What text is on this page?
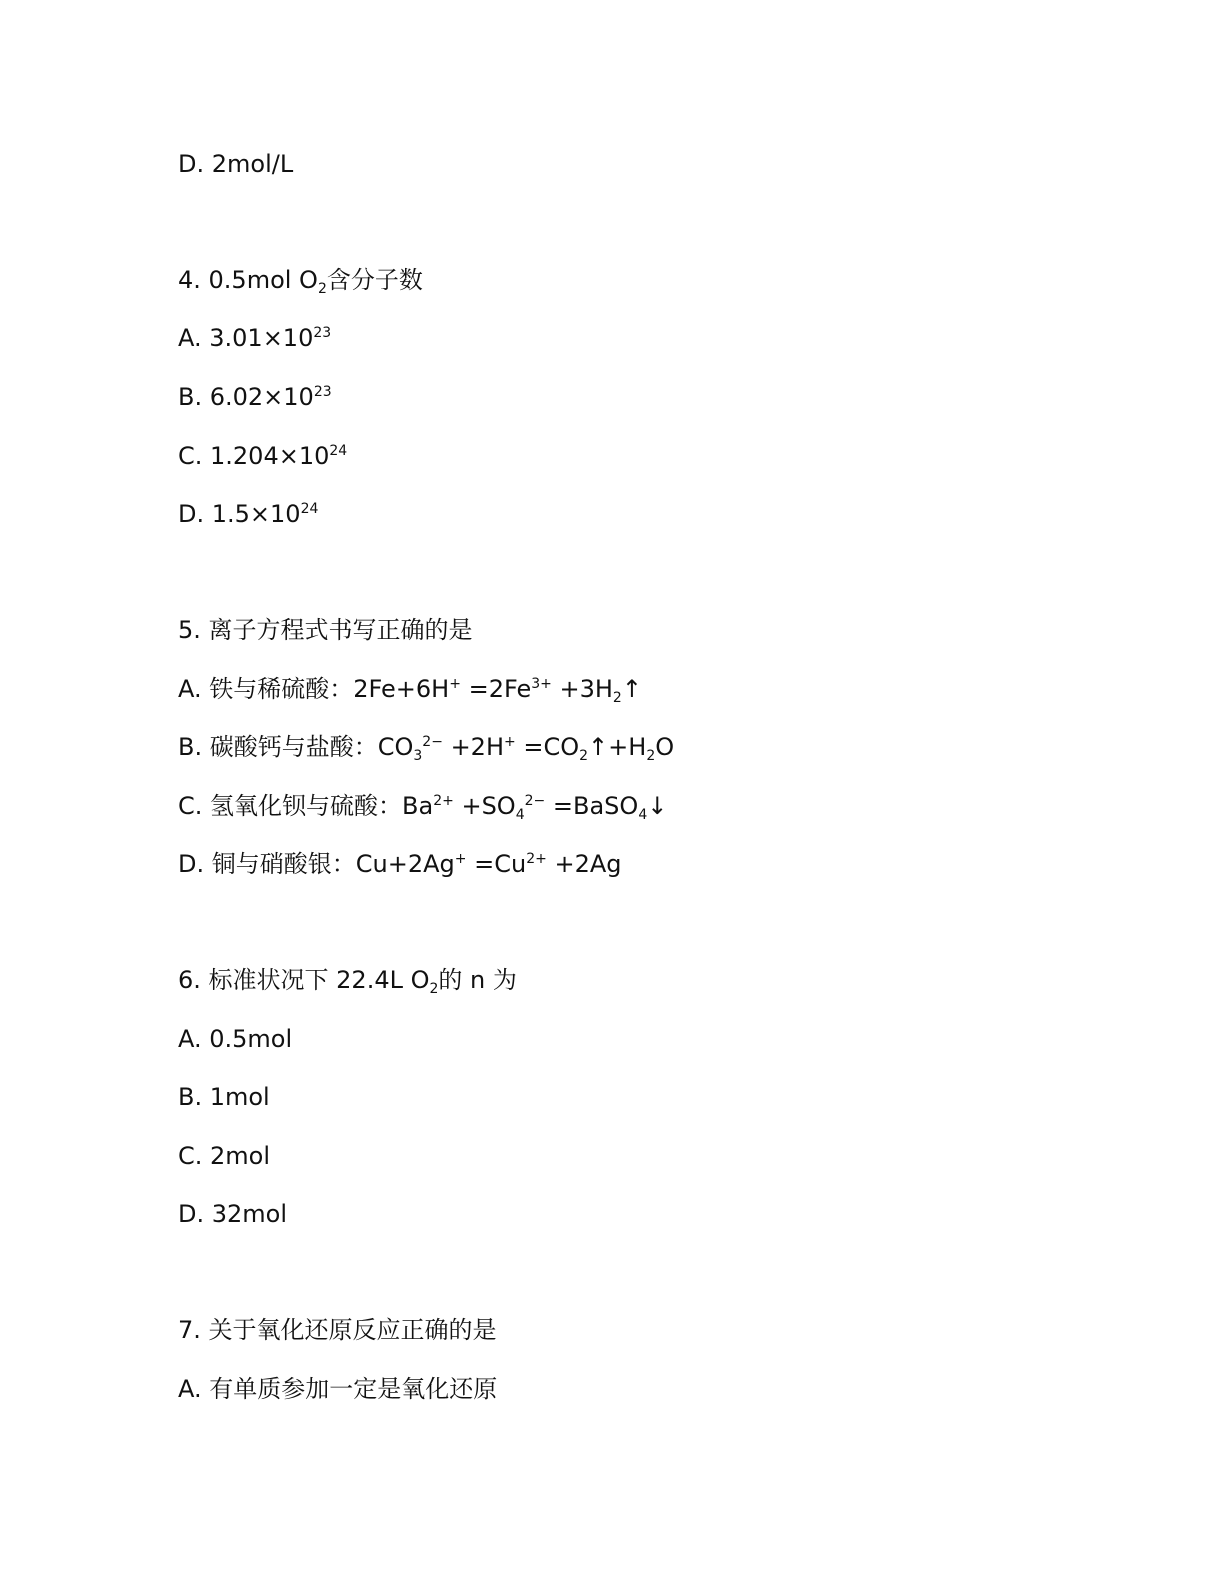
D. 2mol/L
4. 0.5mol $O_2$含分子数
A. $3.01\times 10^{23}$
B. $6.02\times 10^{23}$
C. $1.204\times 10^{24}$
D. $1.5\times 10^{24}$
5. 离子方程式书写正确的是
A. 铁与稀硫酸：$2Fe+6H^+ =2Fe^{3+}$ $+3H_2↑$
B. 碳酸钙与盐酸：$CO_3^{2-} +2H^+$ $=CO_2↑+H_2O$
C. 氢氧化钡与硫酸：$Ba^{2+} +SO_4^{2-}$ =BaSO$_4$↓
D. 铜与硝酸银：$Cu+2Ag^+ =Cu^{2+} +2Ag$
6. 标准状况下 22.4L $O_2$的 n 为
A. 0.5mol
B. 1mol
C. 2mol
D. 32mol
7. 关于氧化还原反应正确的是
A. 有单质参加一定是氧化还原
